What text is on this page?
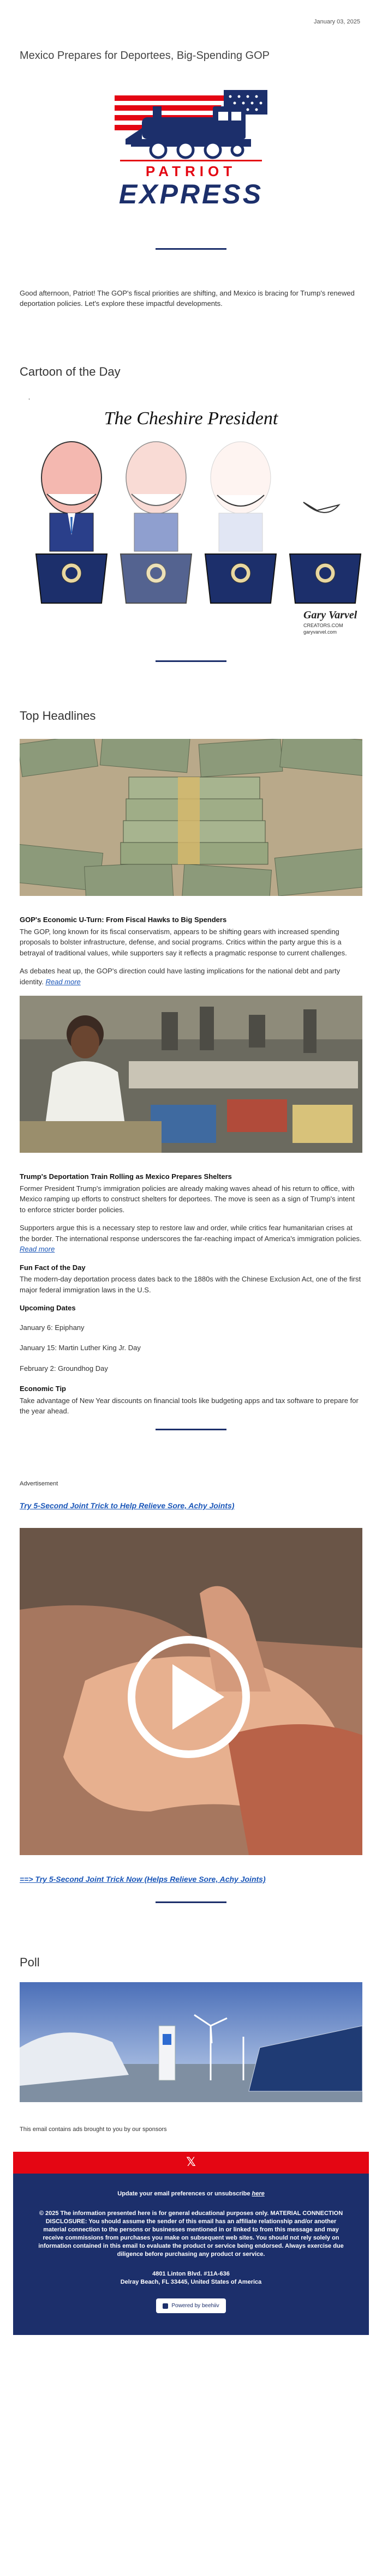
January 03, 2025
Mexico Prepares for Deportees, Big-Spending GOP
PATRIOT
EXPRESS

Good afternoon, Patriot! The GOP's fiscal priorities are shifting, and Mexico is bracing for Trump's renewed deportation policies. Let's explore these impactful developments.

Cartoon of the Day
,
The Cheshire President
Gary Varvel
CREATORS.COM
garyvarvel.com
Top Headlines
GOP's Economic U-Turn: From Fiscal Hawks to Big Spenders

The GOP, long known for its fiscal conservatism, appears to be shifting gears with increased spending proposals to bolster infrastructure, defense, and social programs. Critics within the party argue this is a betrayal of traditional values, while supporters say it reflects a pragmatic response to current challenges.

As debates heat up, the GOP's direction could have lasting implications for the national debt and party identity. Read more

Trump's Deportation Train Rolling as Mexico Prepares Shelters

Former President Trump's immigration policies are already making waves ahead of his return to office, with Mexico ramping up efforts to construct shelters for deportees. The move is seen as a sign of Trump's intent to enforce stricter border policies.

Supporters argue this is a necessary step to restore law and order, while critics fear humanitarian crises at the border. The international response underscores the far-reaching impact of America's immigration policies. Read more

Fun Fact of the Day

The modern-day deportation process dates back to the 1880s with the Chinese Exclusion Act, one of the first major federal immigration laws in the U.S.

Upcoming Dates

January 6: Epiphany

January 15: Martin Luther King Jr. Day

February 2: Groundhog Day

Economic Tip

Take advantage of New Year discounts on financial tools like budgeting apps and tax software to prepare for the year ahead.

Advertisement
Try 5-Second Joint Trick to Help Relieve Sore, Achy Joints)
==> Try 5-Second Joint Trick Now (Helps Relieve Sore, Achy Joints)
Poll
This email contains ads brought to you by our sponsors
𝕏

Update your email preferences or unsubscribe here

© 2025 The information presented here is for general educational purposes only. MATERIAL CONNECTION DISCLOSURE: You should assume the sender of this email has an affiliate relationship and/or another material connection to the persons or businesses mentioned in or linked to from this message and may receive commissions from purchases you make on subsequent web sites. You should not rely solely on information contained in this email to evaluate the product or service being endorsed. Always exercise due diligence before purchasing any product or service.

4801 Linton Blvd. #11A-636

Delray Beach, FL 33445, United States of America

Powered by beehiiv
